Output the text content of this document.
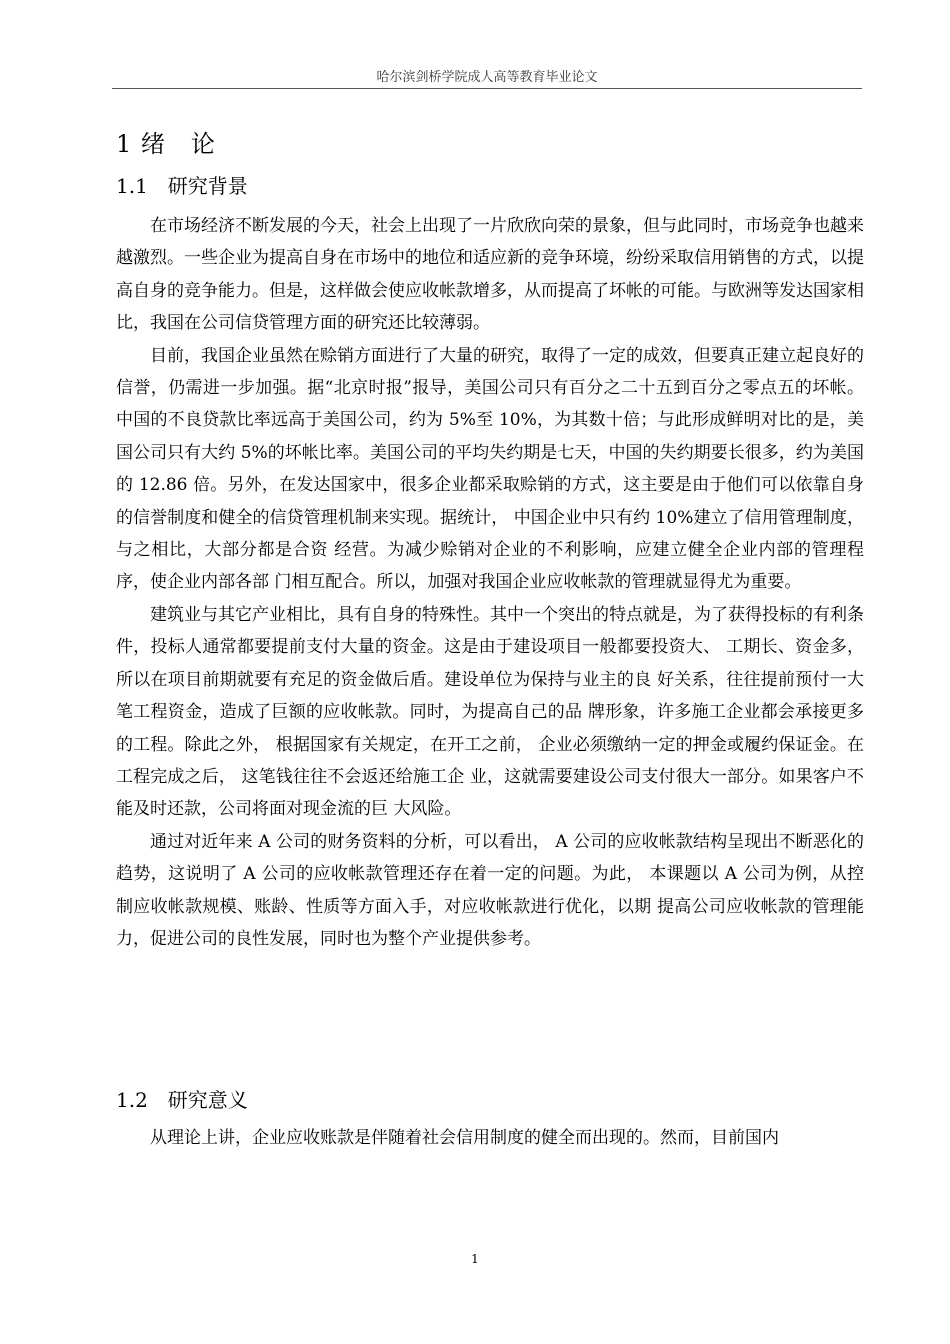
哈尔滨剑桥学院成人高等教育毕业论文
1 绪　论
1.1　研究背景

在市场经济不断发展的今天，社会上出现了一片欣欣向荣的景象，但与此同时，市场竞争也越来越激烈。一些企业为提高自身在市场中的地位和适应新的竞争环境，纷纷采取信用销售的方式，以提高自身的竞争能力。但是，这样做会使应收帐款增多，从而提高了坏帐的可能。与欧洲等发达国家相比，我国在公司信贷管理方面的研究还比较薄弱。

目前，我国企业虽然在赊销方面进行了大量的研究，取得了一定的成效，但要真正建立起良好的信誉，仍需进一步加强。据“北京时报”报导，美国公司只有百分之二十五到百分之零点五的坏帐。中国的不良贷款比率远高于美国公司，约为 5%至 10%，为其数十倍；与此形成鲜明对比的是，美国公司只有大约 5%的坏帐比率。美国公司的平均失约期是七天，中国的失约期要长很多，约为美国的 12.86 倍。另外，在发达国家中，很多企业都采取赊销的方式，这主要是由于他们可以依靠自身的信誉制度和健全的信贷管理机制来实现。据统计， 中国企业中只有约 10%建立了信用管理制度，与之相比，大部分都是合资 经营。为减少赊销对企业的不利影响，应建立健全企业内部的管理程序，使企业内部各部 门相互配合。所以，加强对我国企业应收帐款的管理就显得尤为重要。

建筑业与其它产业相比，具有自身的特殊性。其中一个突出的特点就是，为了获得投标的有利条件，投标人通常都要提前支付大量的资金。这是由于建设项目一般都要投资大、 工期长、资金多， 所以在项目前期就要有充足的资金做后盾。建设单位为保持与业主的良 好关系，往往提前预付一大笔工程资金，造成了巨额的应收帐款。同时，为提高自己的品 牌形象，许多施工企业都会承接更多的工程。除此之外， 根据国家有关规定，在开工之前， 企业必须缴纳一定的押金或履约保证金。在工程完成之后， 这笔钱往往不会返还给施工企 业，这就需要建设公司支付很大一部分。如果客户不能及时还款，公司将面对现金流的巨 大风险。

通过对近年来 A 公司的财务资料的分析，可以看出， A 公司的应收帐款结构呈现出不断恶化的趋势，这说明了 A 公司的应收帐款管理还存在着一定的问题。为此， 本课题以 A 公司为例，从控制应收帐款规模、账龄、性质等方面入手，对应收帐款进行优化，以期 提高公司应收帐款的管理能力，促进公司的良性发展，同时也为整个产业提供参考。

1.2　研究意义

从理论上讲，企业应收账款是伴随着社会信用制度的健全而出现的。然而，目前国内

1
